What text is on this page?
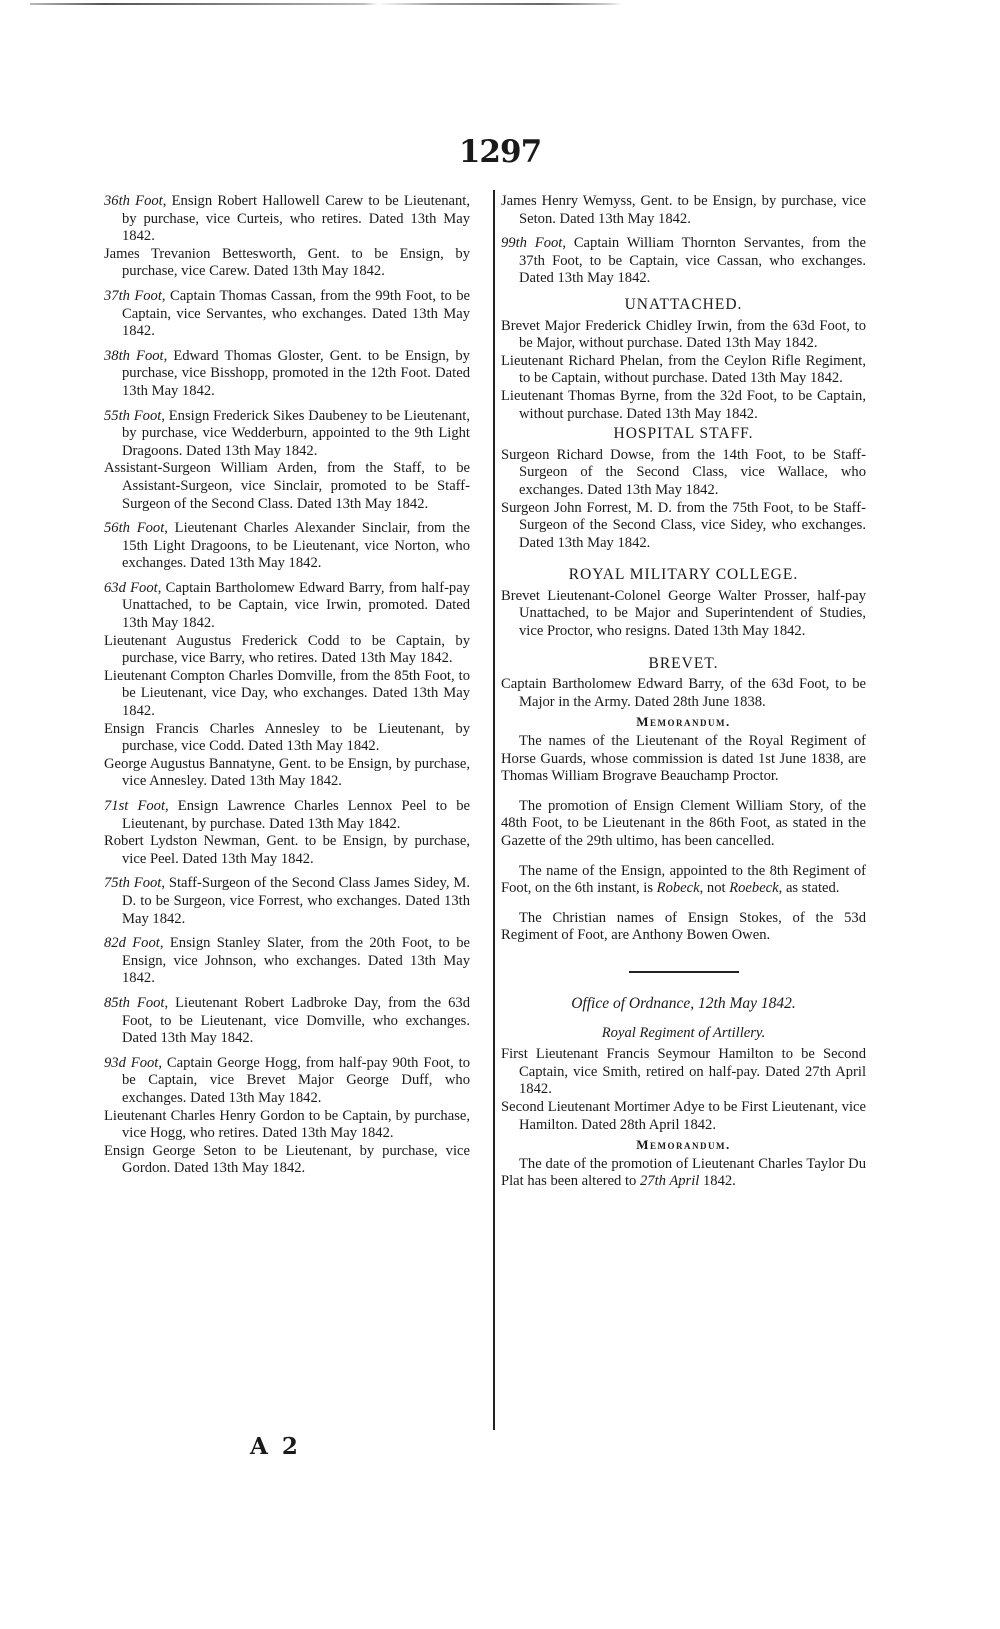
1297

36th Foot, Ensign Robert Hallowell Carew to be Lieutenant, by purchase, vice Curteis, who retires. Dated 13th May 1842.

James Trevanion Bettesworth, Gent. to be Ensign, by purchase, vice Carew. Dated 13th May 1842.

37th Foot, Captain Thomas Cassan, from the 99th Foot, to be Captain, vice Servantes, who exchanges. Dated 13th May 1842.

38th Foot, Edward Thomas Gloster, Gent. to be Ensign, by purchase, vice Bisshopp, promoted in the 12th Foot. Dated 13th May 1842.

55th Foot, Ensign Frederick Sikes Daubeney to be Lieutenant, by purchase, vice Wedderburn, appointed to the 9th Light Dragoons. Dated 13th May 1842.

Assistant-Surgeon William Arden, from the Staff, to be Assistant-Surgeon, vice Sinclair, promoted to be Staff-Surgeon of the Second Class. Dated 13th May 1842.

56th Foot, Lieutenant Charles Alexander Sinclair, from the 15th Light Dragoons, to be Lieutenant, vice Norton, who exchanges. Dated 13th May 1842.

63d Foot, Captain Bartholomew Edward Barry, from half-pay Unattached, to be Captain, vice Irwin, promoted. Dated 13th May 1842.

Lieutenant Augustus Frederick Codd to be Captain, by purchase, vice Barry, who retires. Dated 13th May 1842.

Lieutenant Compton Charles Domville, from the 85th Foot, to be Lieutenant, vice Day, who exchanges. Dated 13th May 1842.

Ensign Francis Charles Annesley to be Lieutenant, by purchase, vice Codd. Dated 13th May 1842.

George Augustus Bannatyne, Gent. to be Ensign, by purchase, vice Annesley. Dated 13th May 1842.

71st Foot, Ensign Lawrence Charles Lennox Peel to be Lieutenant, by purchase. Dated 13th May 1842.

Robert Lydston Newman, Gent. to be Ensign, by purchase, vice Peel. Dated 13th May 1842.

75th Foot, Staff-Surgeon of the Second Class James Sidey, M. D. to be Surgeon, vice Forrest, who exchanges. Dated 13th May 1842.

82d Foot, Ensign Stanley Slater, from the 20th Foot, to be Ensign, vice Johnson, who exchanges. Dated 13th May 1842.

85th Foot, Lieutenant Robert Ladbroke Day, from the 63d Foot, to be Lieutenant, vice Domville, who exchanges. Dated 13th May 1842.

93d Foot, Captain George Hogg, from half-pay 90th Foot, to be Captain, vice Brevet Major George Duff, who exchanges. Dated 13th May 1842.

Lieutenant Charles Henry Gordon to be Captain, by purchase, vice Hogg, who retires. Dated 13th May 1842.

Ensign George Seton to be Lieutenant, by purchase, vice Gordon. Dated 13th May 1842.

James Henry Wemyss, Gent. to be Ensign, by purchase, vice Seton. Dated 13th May 1842.

99th Foot, Captain William Thornton Servantes, from the 37th Foot, to be Captain, vice Cassan, who exchanges. Dated 13th May 1842.

UNATTACHED.

Brevet Major Frederick Chidley Irwin, from the 63d Foot, to be Major, without purchase. Dated 13th May 1842.

Lieutenant Richard Phelan, from the Ceylon Rifle Regiment, to be Captain, without purchase. Dated 13th May 1842.

Lieutenant Thomas Byrne, from the 32d Foot, to be Captain, without purchase. Dated 13th May 1842.

HOSPITAL STAFF.

Surgeon Richard Dowse, from the 14th Foot, to be Staff-Surgeon of the Second Class, vice Wallace, who exchanges. Dated 13th May 1842.

Surgeon John Forrest, M. D. from the 75th Foot, to be Staff-Surgeon of the Second Class, vice Sidey, who exchanges. Dated 13th May 1842.

ROYAL MILITARY COLLEGE.

Brevet Lieutenant-Colonel George Walter Prosser, half-pay Unattached, to be Major and Superintendent of Studies, vice Proctor, who resigns. Dated 13th May 1842.

BREVET.

Captain Bartholomew Edward Barry, of the 63d Foot, to be Major in the Army. Dated 28th June 1838.

Memorandum.

The names of the Lieutenant of the Royal Regiment of Horse Guards, whose commission is dated 1st June 1838, are Thomas William Brograve Beauchamp Proctor.

The promotion of Ensign Clement William Story, of the 48th Foot, to be Lieutenant in the 86th Foot, as stated in the Gazette of the 29th ultimo, has been cancelled.

The name of the Ensign, appointed to the 8th Regiment of Foot, on the 6th instant, is Robeck, not Roebeck, as stated.

The Christian names of Ensign Stokes, of the 53d Regiment of Foot, are Anthony Bowen Owen.

Office of Ordnance, 12th May 1842.
Royal Regiment of Artillery.

First Lieutenant Francis Seymour Hamilton to be Second Captain, vice Smith, retired on half-pay. Dated 27th April 1842.

Second Lieutenant Mortimer Adye to be First Lieutenant, vice Hamilton. Dated 28th April 1842.

Memorandum.

The date of the promotion of Lieutenant Charles Taylor Du Plat has been altered to 27th April 1842.

A 2
